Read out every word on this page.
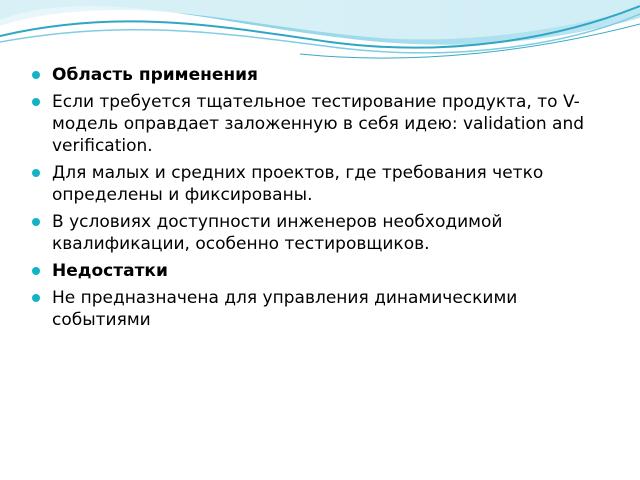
Область применения
Если требуется тщательное тестирование продукта, то V-модель оправдает заложенную в себя идею: validation and verification.
Для малых и средних проектов, где требования четко определены и фиксированы.
В условиях доступности инженеров необходимой квалификации, особенно тестировщиков.
Недостатки
Не предназначена для управления динамическими событиями
